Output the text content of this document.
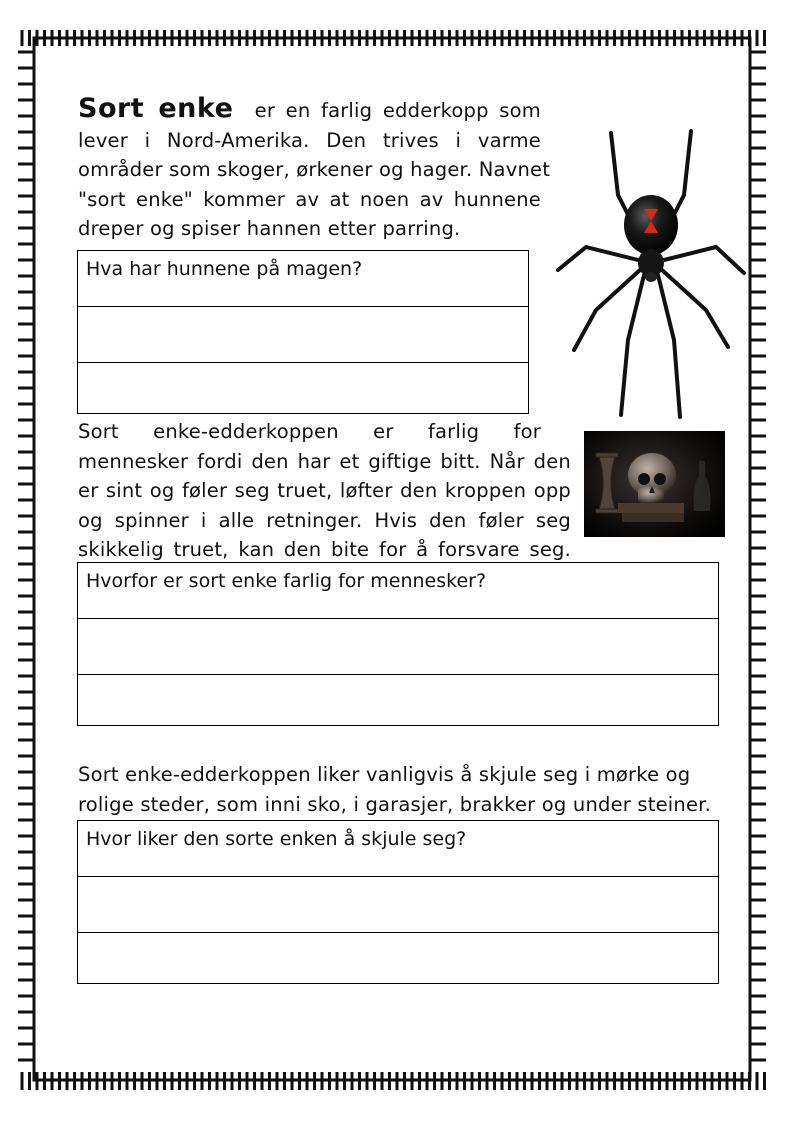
Sort enke er en farlig edderkopp som
lever i Nord-Amerika. Den trives i varme
områder som skoger, ørkener og hager. Navnet
"sort enke" kommer av at noen av hunnene
dreper og spiser hannen etter parring.
Hva har hunnene på magen?
Sort enke-edderkoppen er farlig for
mennesker fordi den har et giftige bitt. Når den
er sint og føler seg truet, løfter den kroppen opp
og spinner i alle retninger. Hvis den føler seg
skikkelig truet, kan den bite for å forsvare seg.
Hvorfor er sort enke farlig for mennesker?
Sort enke-edderkoppen liker vanligvis å skjule seg i mørke og
rolige steder, som inni sko, i garasjer, brakker og under steiner.
Hvor liker den sorte enken å skjule seg?
